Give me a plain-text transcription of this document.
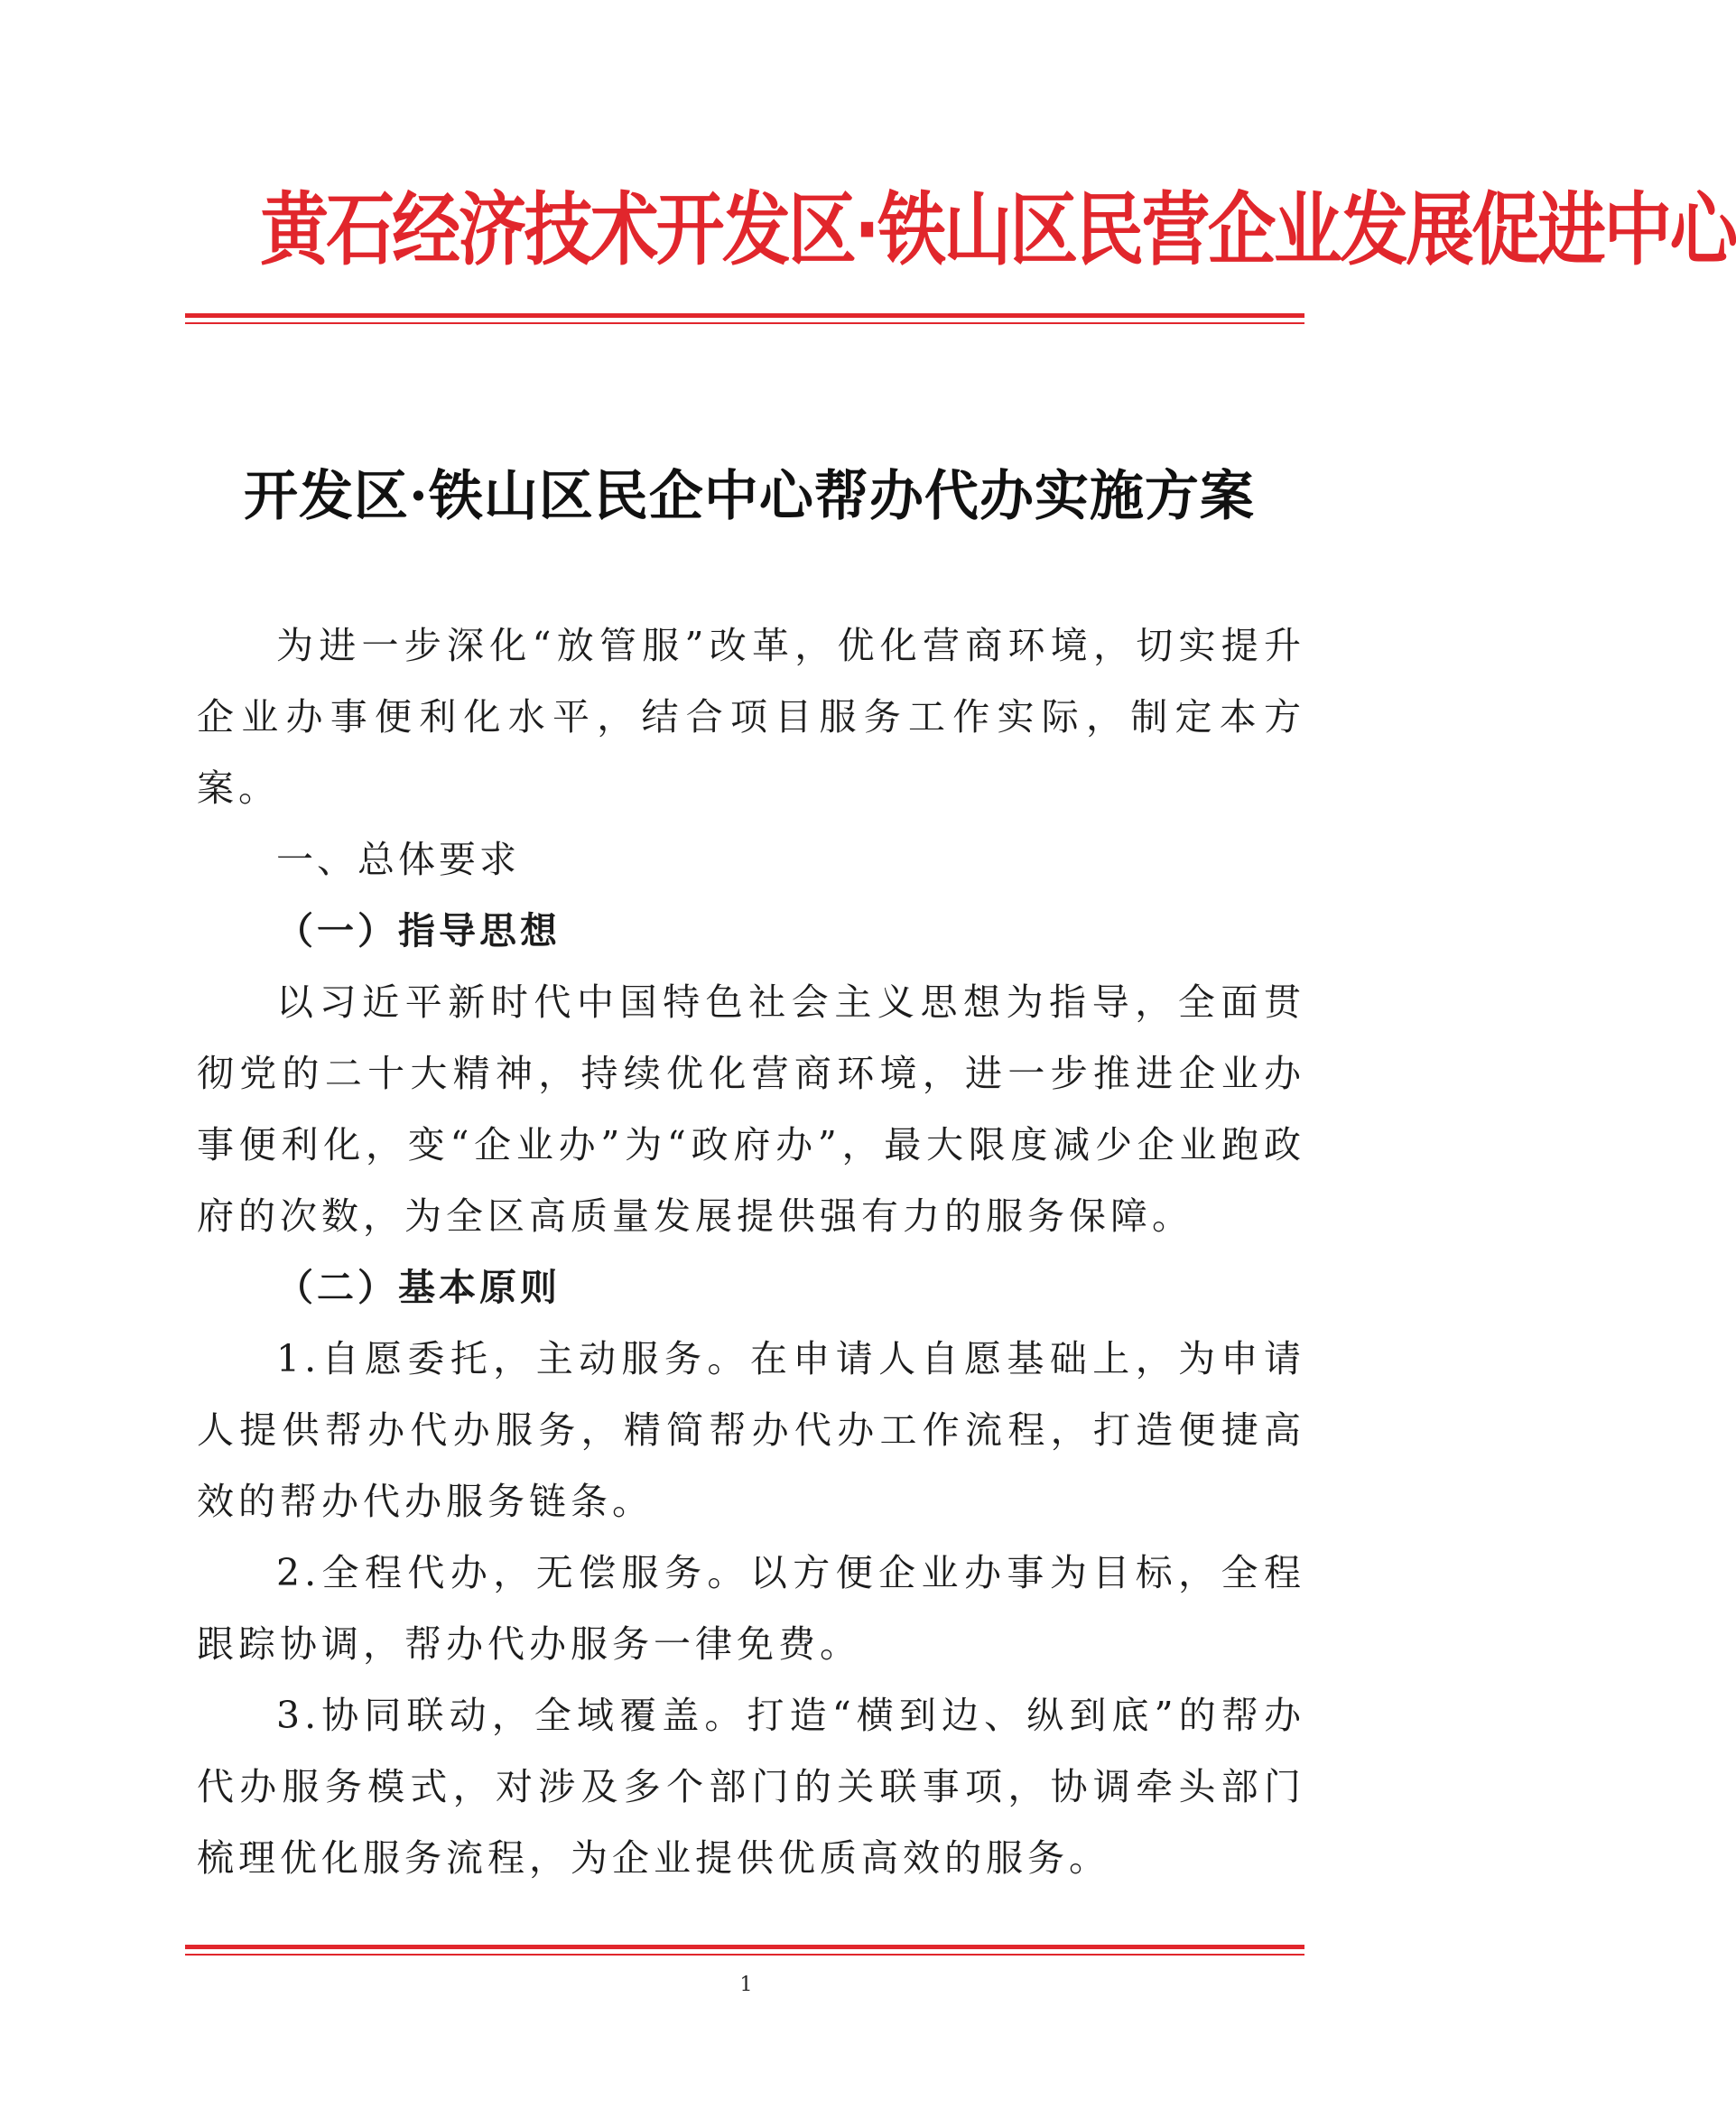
黄石经济技术开发区·铁山区民营企业发展促进中心
开发区·铁山区民企中心帮办代办实施方案

为进一步深化“放管服”改革，优化营商环境，切实提升企业办事便利化水平，结合项目服务工作实际，制定本方案。

一、总体要求

（一）指导思想

以习近平新时代中国特色社会主义思想为指导，全面贯彻党的二十大精神，持续优化营商环境，进一步推进企业办事便利化，变“企业办”为“政府办”，最大限度减少企业跑政府的次数，为全区高质量发展提供强有力的服务保障。

（二）基本原则

1.自愿委托，主动服务。在申请人自愿基础上，为申请人提供帮办代办服务，精简帮办代办工作流程，打造便捷高效的帮办代办服务链条。

2.全程代办，无偿服务。以方便企业办事为目标，全程跟踪协调，帮办代办服务一律免费。

3.协同联动，全域覆盖。打造“横到边、纵到底”的帮办代办服务模式，对涉及多个部门的关联事项，协调牵头部门梳理优化服务流程，为企业提供优质高效的服务。

1
